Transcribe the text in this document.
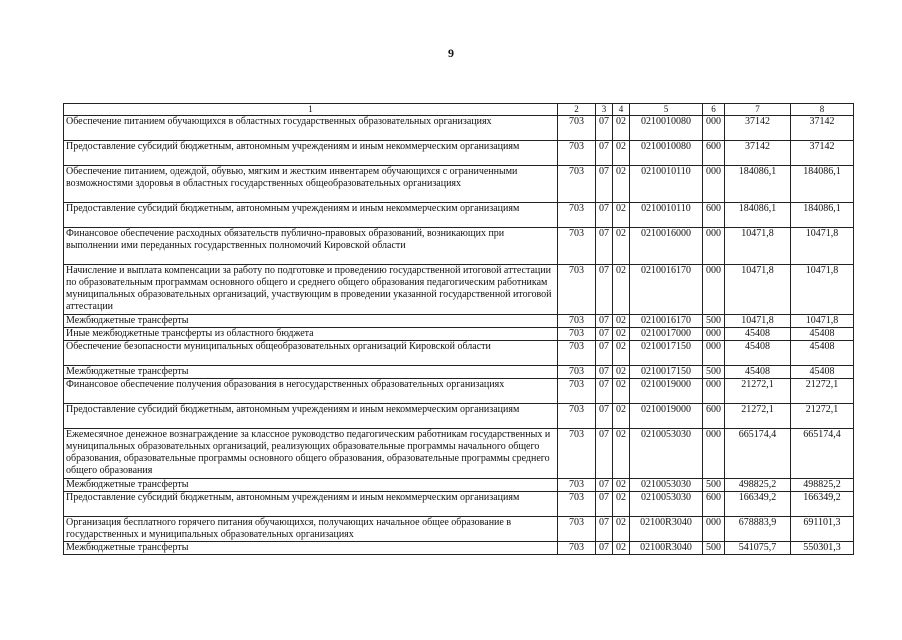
9
1	2	3	4	5	6	7	8
Обеспечение питанием обучающихся в областных государственных образовательных организациях	703	07	02	0210010080	000	37142	37142
Предоставление субсидий бюджетным, автономным учреждениям и иным некоммерческим организациям	703	07	02	0210010080	600	37142	37142
Обеспечение питанием, одеждой, обувью, мягким и жестким инвентарем обучающихся с ограниченными возможностями здоровья в областных государственных общеобразовательных организациях	703	07	02	0210010110	000	184086,1	184086,1
Предоставление субсидий бюджетным, автономным учреждениям и иным некоммерческим организациям	703	07	02	0210010110	600	184086,1	184086,1
Финансовое обеспечение расходных обязательств публично-правовых образований, возникающих при выполнении ими переданных государственных полномочий Кировской области	703	07	02	0210016000	000	10471,8	10471,8
Начисление и выплата компенсации за работу по подготовке и проведению государственной итоговой аттестации по образовательным программам основного общего и среднего общего образования педагогическим работникам муниципальных образовательных организаций, участвующим в проведении указанной государственной итоговой аттестации	703	07	02	0210016170	000	10471,8	10471,8
Межбюджетные трансферты	703	07	02	0210016170	500	10471,8	10471,8
Иные межбюджетные трансферты из областного бюджета	703	07	02	0210017000	000	45408	45408
Обеспечение безопасности муниципальных общеобразовательных организаций Кировской области	703	07	02	0210017150	000	45408	45408
Межбюджетные трансферты	703	07	02	0210017150	500	45408	45408
Финансовое обеспечение получения образования в негосударственных образовательных организациях	703	07	02	0210019000	000	21272,1	21272,1
Предоставление субсидий бюджетным, автономным учреждениям и иным некоммерческим организациям	703	07	02	0210019000	600	21272,1	21272,1
Ежемесячное денежное вознаграждение за классное руководство педагогическим работникам государственных и муниципальных образовательных организаций, реализующих образовательные программы начального общего образования, образовательные программы основного общего образования, образовательные программы среднего общего образования	703	07	02	0210053030	000	665174,4	665174,4
Межбюджетные трансферты	703	07	02	0210053030	500	498825,2	498825,2
Предоставление субсидий бюджетным, автономным учреждениям и иным некоммерческим организациям	703	07	02	0210053030	600	166349,2	166349,2
Организация бесплатного горячего питания обучающихся, получающих начальное общее образование в государственных и муниципальных образовательных организациях	703	07	02	02100R3040	000	678883,9	691101,3
Межбюджетные трансферты	703	07	02	02100R3040	500	541075,7	550301,3
